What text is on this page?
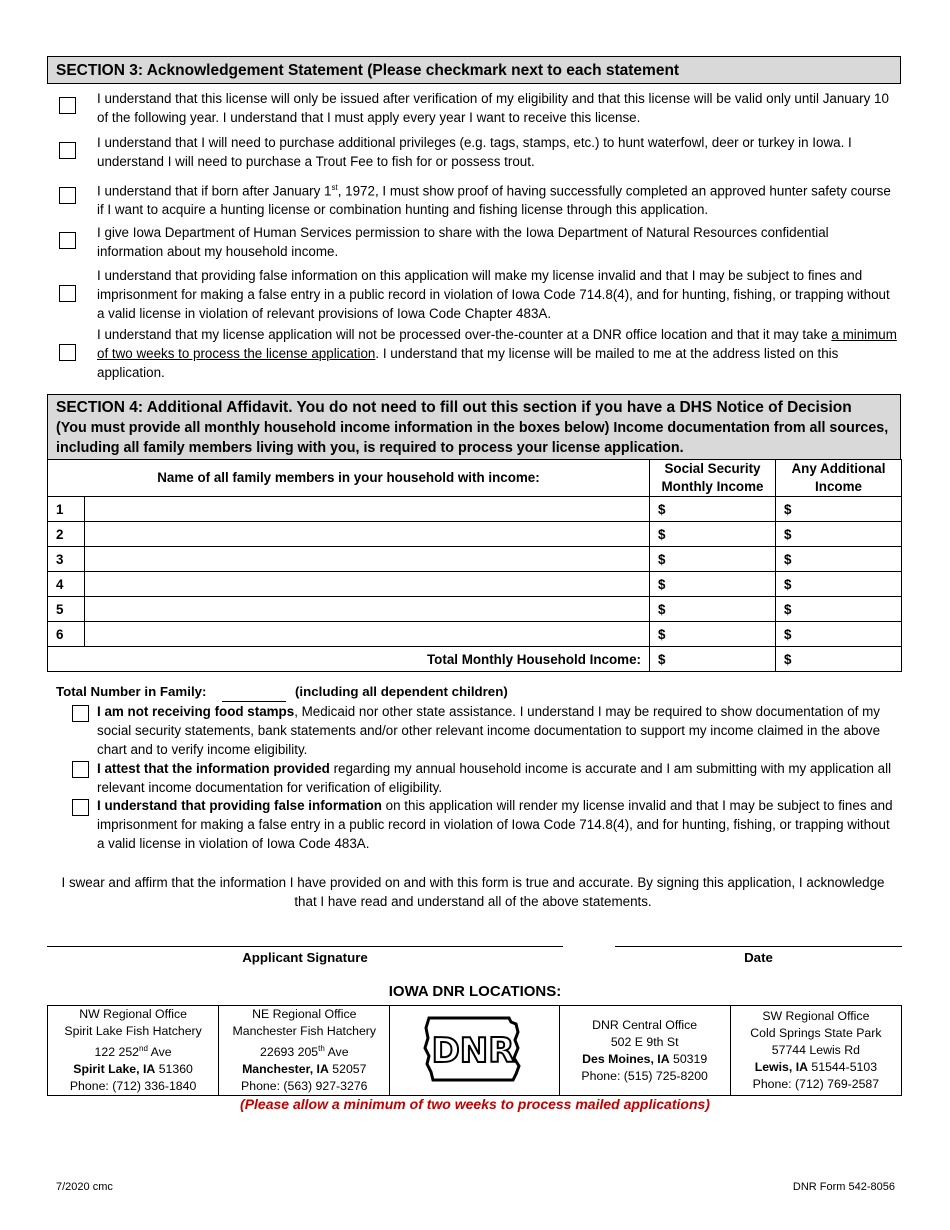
SECTION 3: Acknowledgement Statement (Please checkmark next to each statement
I understand that this license will only be issued after verification of my eligibility and that this license will be valid only until January 10 of the following year. I understand that I must apply every year I want to receive this license.
I understand that I will need to purchase additional privileges (e.g. tags, stamps, etc.) to hunt waterfowl, deer or turkey in Iowa. I understand I will need to purchase a Trout Fee to fish for or possess trout.
I understand that if born after January 1st, 1972, I must show proof of having successfully completed an approved hunter safety course if I want to acquire a hunting license or combination hunting and fishing license through this application.
I give Iowa Department of Human Services permission to share with the Iowa Department of Natural Resources confidential information about my household income.
I understand that providing false information on this application will make my license invalid and that I may be subject to fines and imprisonment for making a false entry in a public record in violation of Iowa Code 714.8(4), and for hunting, fishing, or trapping without a valid license in violation of relevant provisions of Iowa Code Chapter 483A.
I understand that my license application will not be processed over-the-counter at a DNR office location and that it may take a minimum of two weeks to process the license application. I understand that my license will be mailed to me at the address listed on this application.
SECTION 4: Additional Affidavit. You do not need to fill out this section if you have a DHS Notice of Decision
(You must provide all monthly household income information in the boxes below) Income documentation from all sources, including all family members living with you, is required to process your license application.
Name of all family members in your household with income:		Social Security Monthly Income	Any Additional Income
1		$	$
2		$	$
3		$	$
4		$	$
5		$	$
6		$	$
Total Monthly Household Income:		$	$
Total Number in Family:	(including all dependent children)
I am not receiving food stamps, Medicaid nor other state assistance. I understand I may be required to show documentation of my social security statements, bank statements and/or other relevant income documentation to support my income claimed in the above chart and to verify income eligibility.
I attest that the information provided regarding my annual household income is accurate and I am submitting with my application all relevant income documentation for verification of eligibility.
I understand that providing false information on this application will render my license invalid and that I may be subject to fines and imprisonment for making a false entry in a public record in violation of Iowa Code 714.8(4), and for hunting, fishing, or trapping without a valid license in violation of Iowa Code 483A.
I swear and affirm that the information I have provided on and with this form is true and accurate. By signing this application, I acknowledge that I have read and understand all of the above statements.
Applicant Signature	Date
IOWA DNR LOCATIONS:
NW Regional Office
Spirit Lake Fish Hatchery
122 252nd Ave
Spirit Lake, IA 51360
Phone: (712) 336-1840

NE Regional Office
Manchester Fish Hatchery
22693 205th Ave
Manchester, IA 52057
Phone: (563) 927-3276

DNR

DNR Central Office
502 E 9th St
Des Moines, IA 50319
Phone: (515) 725-8200

SW Regional Office
Cold Springs State Park
57744 Lewis Rd
Lewis, IA 51544-5103
Phone: (712) 769-2587
(Please allow a minimum of two weeks to process mailed applications)
7/2020 cmc	DNR Form 542-8056
